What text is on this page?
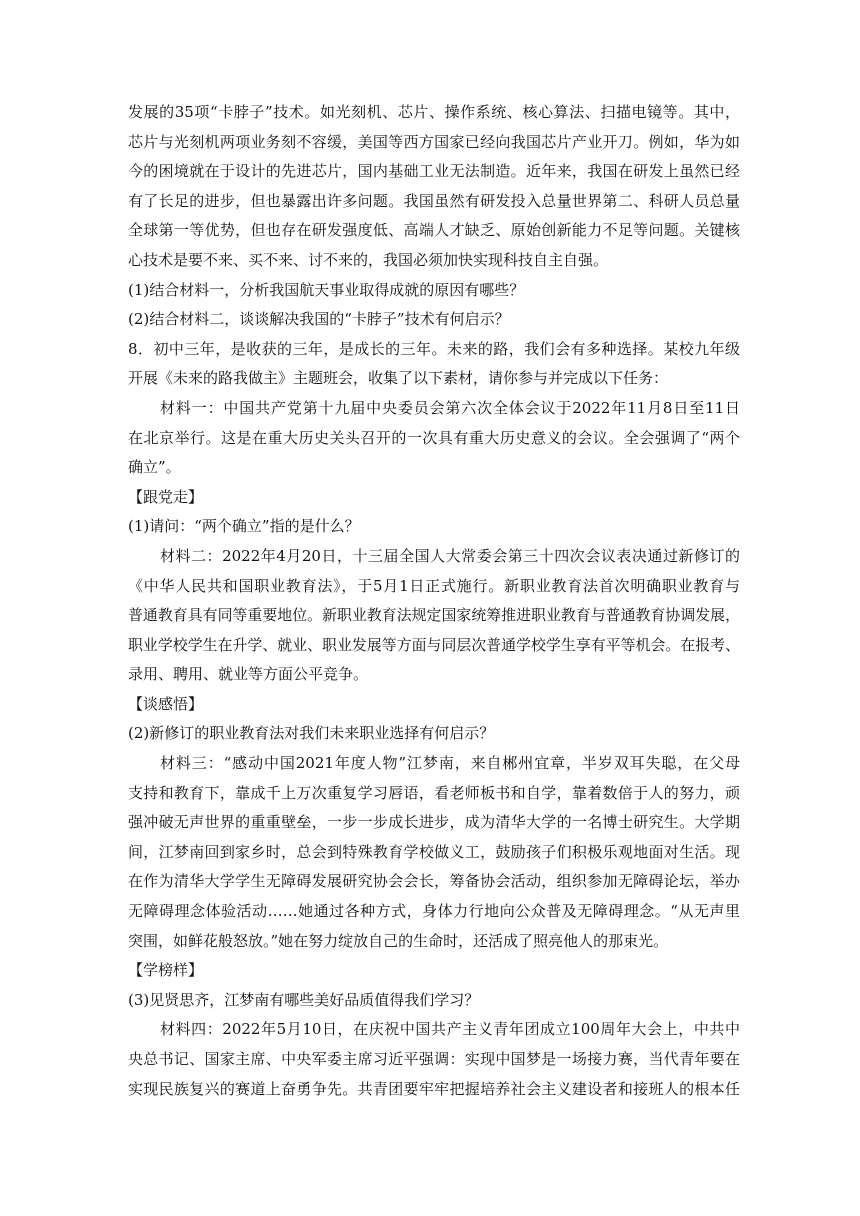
发展的35项“卡脖子”技术。如光刻机、芯片、操作系统、核心算法、扫描电镜等。其中，
芯片与光刻机两项业务刻不容缓，美国等西方国家已经向我国芯片产业开刀。例如，华为如
今的困境就在于设计的先进芯片，国内基础工业无法制造。近年来，我国在研发上虽然已经
有了长足的进步，但也暴露出许多问题。我国虽然有研发投入总量世界第二、科研人员总量
全球第一等优势，但也存在研发强度低、高端人才缺乏、原始创新能力不足等问题。关键核
心技术是要不来、买不来、讨不来的，我国必须加快实现科技自主自强。
(1)结合材料一，分析我国航天事业取得成就的原因有哪些？
(2)结合材料二，谈谈解决我国的“卡脖子”技术有何启示？
8．初中三年，是收获的三年，是成长的三年。未来的路，我们会有多种选择。某校九年级
开展《未来的路我做主》主题班会，收集了以下素材，请你参与并完成以下任务：
材料一：中国共产党第十九届中央委员会第六次全体会议于2022年11月8日至11日
在北京举行。这是在重大历史关头召开的一次具有重大历史意义的会议。全会强调了“两个
确立”。
【跟党走】
(1)请问：“两个确立”指的是什么？
材料二：2022年4月20日，十三届全国人大常委会第三十四次会议表决通过新修订的
《中华人民共和国职业教育法》，于5月1日正式施行。新职业教育法首次明确职业教育与
普通教育具有同等重要地位。新职业教育法规定国家统筹推进职业教育与普通教育协调发展，
职业学校学生在升学、就业、职业发展等方面与同层次普通学校学生享有平等机会。在报考、
录用、聘用、就业等方面公平竞争。
【谈感悟】
(2)新修订的职业教育法对我们未来职业选择有何启示？
材料三：“感动中国2021年度人物”江梦南，来自郴州宜章，半岁双耳失聪，在父母
支持和教育下，靠成千上万次重复学习唇语，看老师板书和自学，靠着数倍于人的努力，顽
强冲破无声世界的重重壁垒，一步一步成长进步，成为清华大学的一名博士研究生。大学期
间，江梦南回到家乡时，总会到特殊教育学校做义工，鼓励孩子们积极乐观地面对生活。现
在作为清华大学学生无障碍发展研究协会会长，筹备协会活动，组织参加无障碍论坛，举办
无障碍理念体验活动……她通过各种方式，身体力行地向公众普及无障碍理念。“从无声里
突围，如鲜花般怒放。”她在努力绽放自己的生命时，还活成了照亮他人的那束光。
【学榜样】
(3)见贤思齐，江梦南有哪些美好品质值得我们学习？
材料四：2022年5月10日，在庆祝中国共产主义青年团成立100周年大会上，中共中
央总书记、国家主席、中央军委主席习近平强调：实现中国梦是一场接力赛，当代青年要在
实现民族复兴的赛道上奋勇争先。共青团要牢牢把握培养社会主义建设者和接班人的根本任
